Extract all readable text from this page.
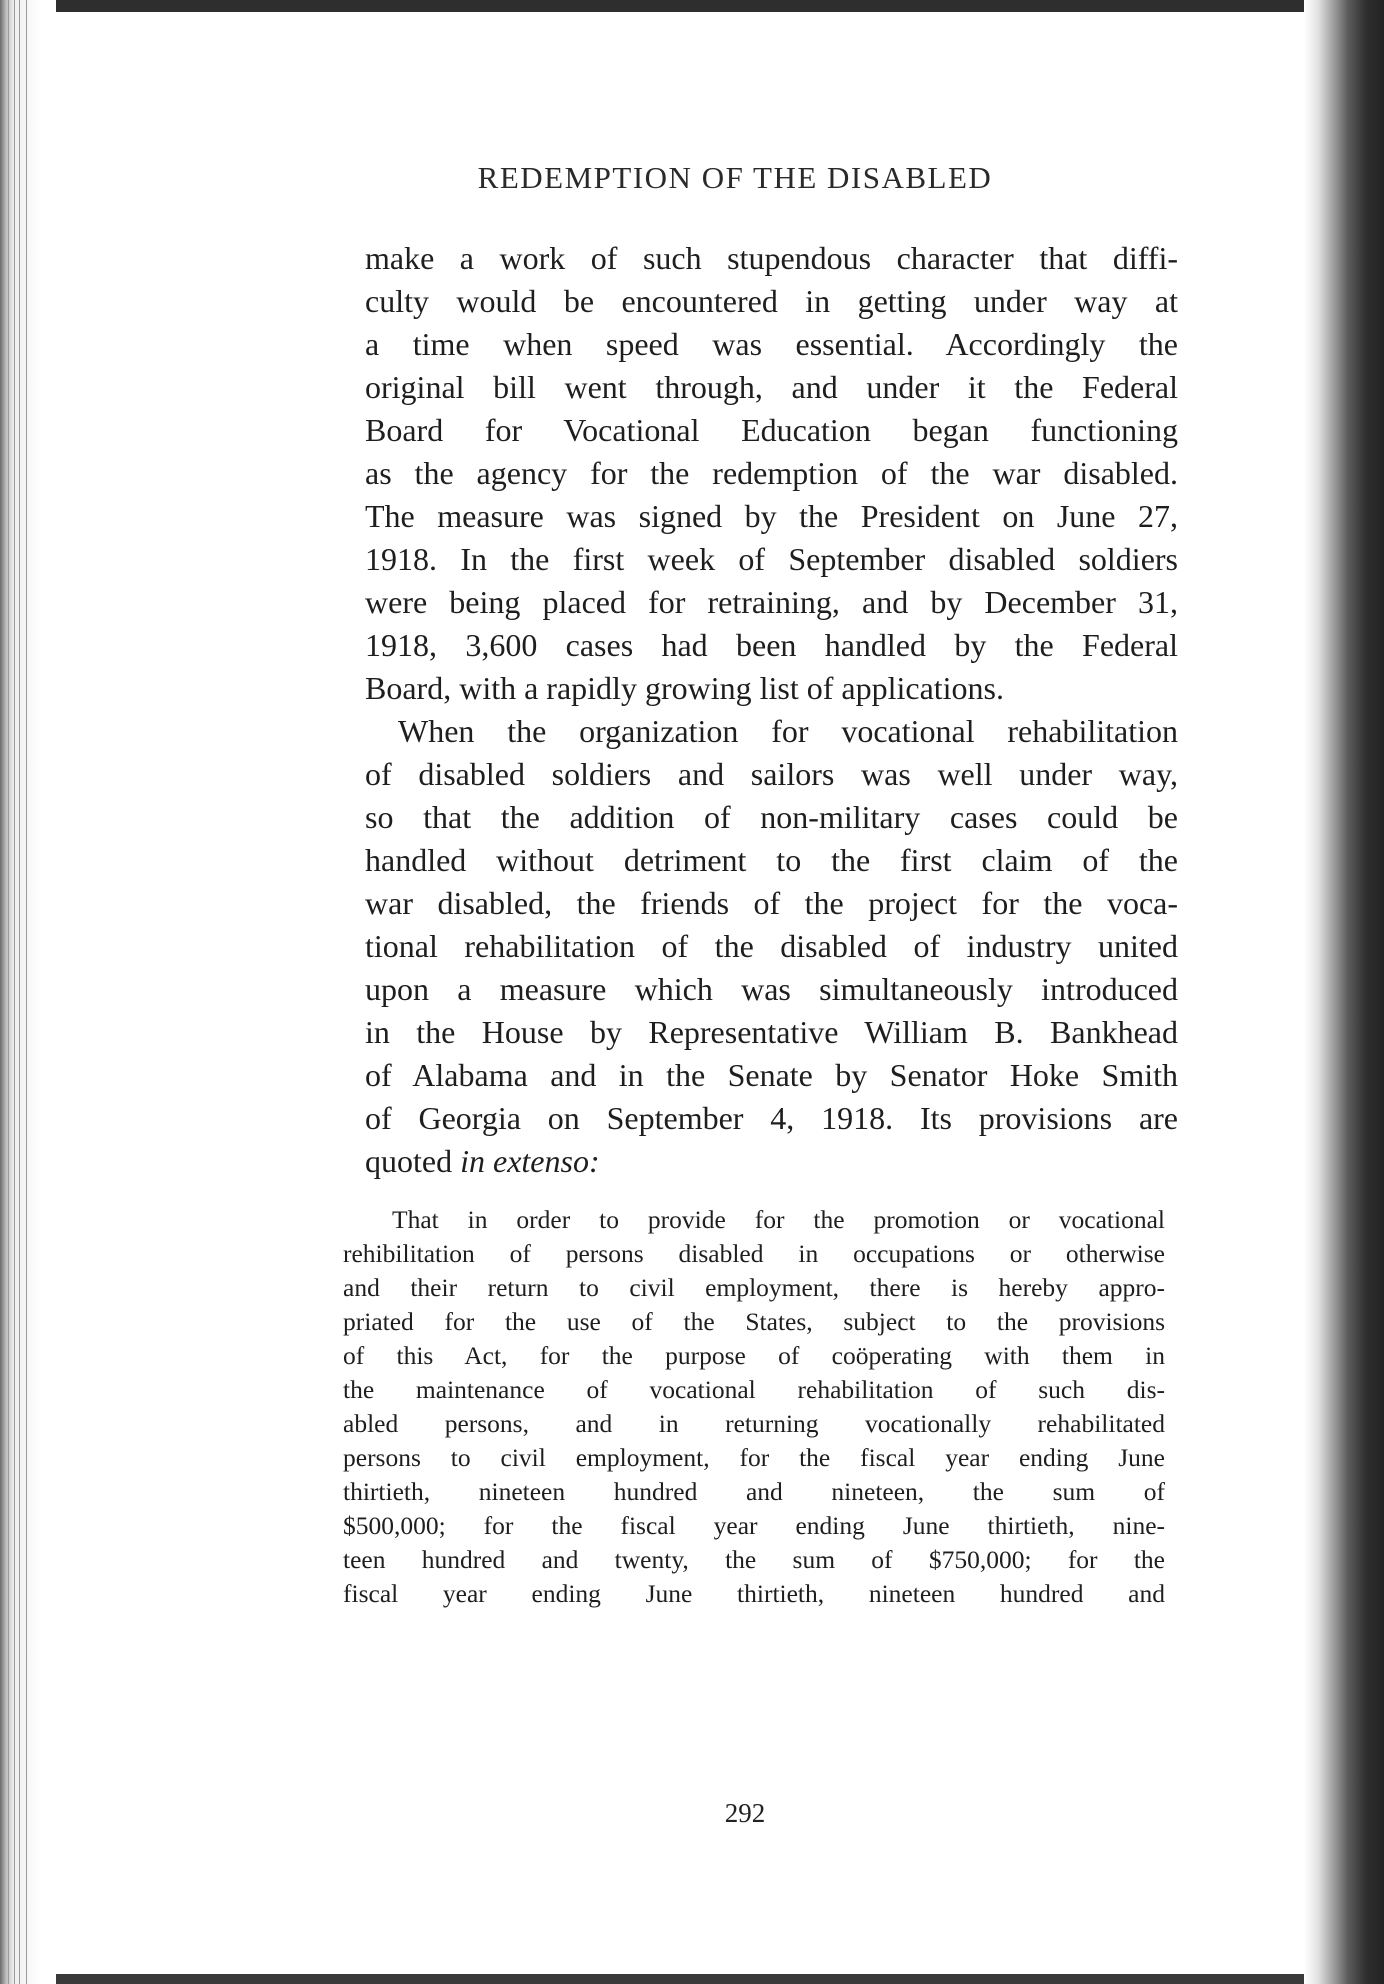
REDEMPTION OF THE DISABLED
make a work of such stupendous character that diffi-
culty would be encountered in getting under way at
a time when speed was essential. Accordingly the
original bill went through, and under it the Federal
Board for Vocational Education began functioning
as the agency for the redemption of the war disabled.
The measure was signed by the President on June 27,
1918. In the first week of September disabled soldiers
were being placed for retraining, and by December 31,
1918, 3,600 cases had been handled by the Federal
Board, with a rapidly growing list of applications.
When the organization for vocational rehabilitation
of disabled soldiers and sailors was well under way,
so that the addition of non-military cases could be
handled without detriment to the first claim of the
war disabled, the friends of the project for the voca-
tional rehabilitation of the disabled of industry united
upon a measure which was simultaneously introduced
in the House by Representative William B. Bankhead
of Alabama and in the Senate by Senator Hoke Smith
of Georgia on September 4, 1918. Its provisions are
quoted in extenso:
That in order to provide for the promotion or vocational
rehibilitation of persons disabled in occupations or otherwise
and their return to civil employment, there is hereby appro-
priated for the use of the States, subject to the provisions
of this Act, for the purpose of coöperating with them in
the maintenance of vocational rehabilitation of such dis-
abled persons, and in returning vocationally rehabilitated
persons to civil employment, for the fiscal year ending June
thirtieth, nineteen hundred and nineteen, the sum of
$500,000; for the fiscal year ending June thirtieth, nine-
teen hundred and twenty, the sum of $750,000; for the
fiscal year ending June thirtieth, nineteen hundred and
292
